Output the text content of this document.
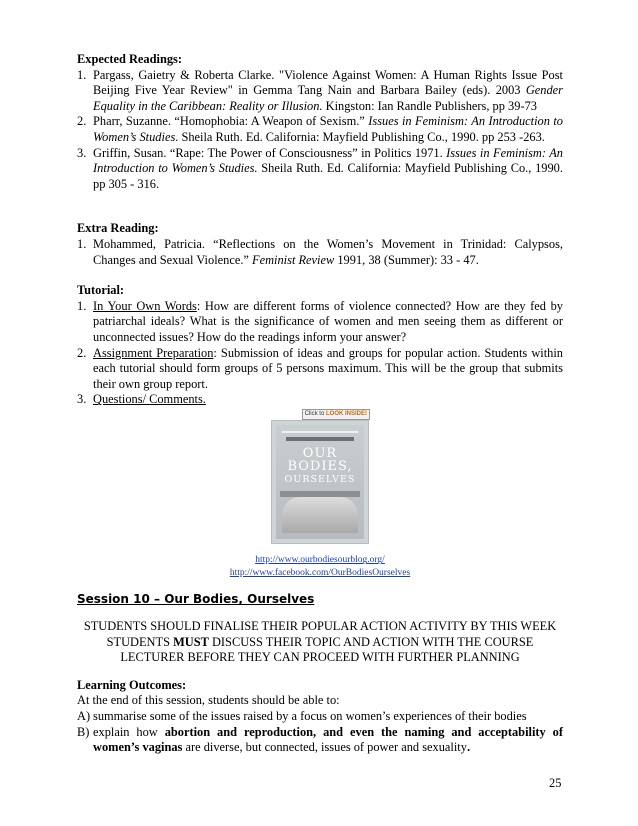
Expected Readings:
1. Pargass, Gaietry & Roberta Clarke. "Violence Against Women: A Human Rights Issue Post Beijing Five Year Review" in Gemma Tang Nain and Barbara Bailey (eds). 2003 Gender Equality in the Caribbean: Reality or Illusion. Kingston: Ian Randle Publishers, pp 39-73
2. Pharr, Suzanne. “Homophobia: A Weapon of Sexism.” Issues in Feminism: An Introduction to Women’s Studies. Sheila Ruth. Ed. California: Mayfield Publishing Co., 1990. pp 253 -263.
3. Griffin, Susan. “Rape: The Power of Consciousness” in Politics 1971. Issues in Feminism: An Introduction to Women’s Studies. Sheila Ruth. Ed. California: Mayfield Publishing Co., 1990. pp 305 - 316.
Extra Reading:
1. Mohammed, Patricia. “Reflections on the Women’s Movement in Trinidad: Calypsos, Changes and Sexual Violence.” Feminist Review 1991, 38 (Summer): 33 - 47.
Tutorial:
1. In Your Own Words: How are different forms of violence connected? How are they fed by patriarchal ideals? What is the significance of women and men seeing them as different or unconnected issues? How do the readings inform your answer?
2. Assignment Preparation: Submission of ideas and groups for popular action. Students within each tutorial should form groups of 5 persons maximum. This will be the group that submits their own group report.
3. Questions/ Comments.
Click to LOOK INSIDE!
OUR
BODIES,
OURSELVES
http://www.ourbodiesourblog.org/
http://www.facebook.com/OurBodiesOurselves
Session 10 – Our Bodies, Ourselves
STUDENTS SHOULD FINALISE THEIR POPULAR ACTION ACTIVITY BY THIS WEEK STUDENTS MUST DISCUSS THEIR TOPIC AND ACTION WITH THE COURSE LECTURER BEFORE THEY CAN PROCEED WITH FURTHER PLANNING
Learning Outcomes:
At the end of this session, students should be able to:
A) summarise some of the issues raised by a focus on women’s experiences of their bodies
B) explain how abortion and reproduction, and even the naming and acceptability of women’s vaginas are diverse, but connected, issues of power and sexuality.
25
